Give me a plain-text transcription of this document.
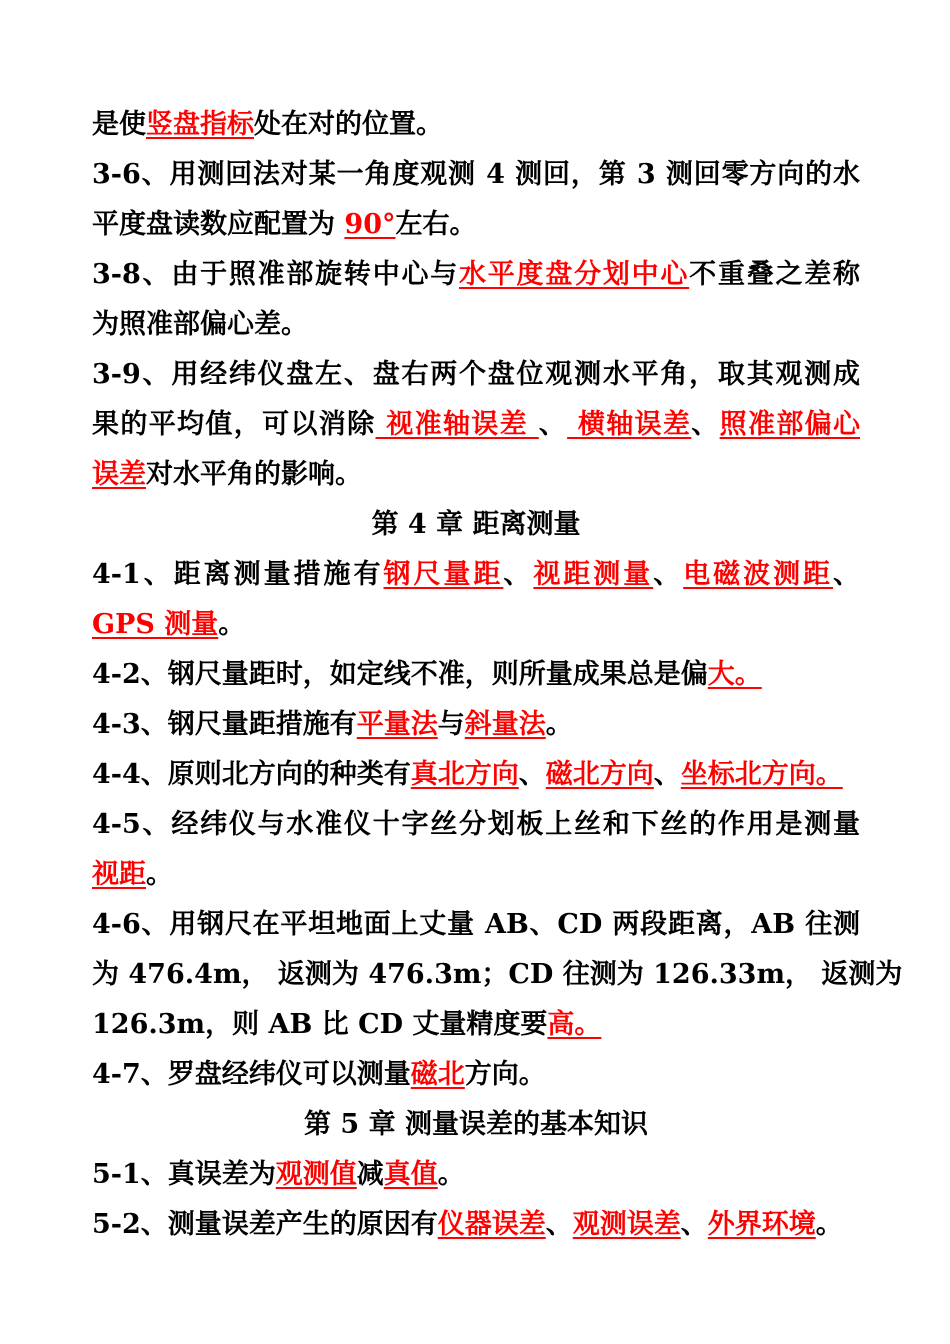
是使竖盘指标处在对的位置。
3-6、用测回法对某一角度观测 4 测回，第 3 测回零方向的水
平度盘读数应配置为 90°左右。
3-8、由于照准部旋转中心与水平度盘分划中心不重叠之差称
为照准部偏心差。
3-9、用经纬仪盘左、盘右两个盘位观测水平角，取其观测成
果的平均值，可以消除 视准轴误差 、 横轴误差、照准部偏心
误差对水平角的影响。
第 4 章 距离测量
4-1、距离测量措施有钢尺量距、视距测量、电磁波测距、
GPS 测量。
4-2、钢尺量距时，如定线不准，则所量成果总是偏大。
4-3、钢尺量距措施有平量法与斜量法。
4-4、原则北方向的种类有真北方向、磁北方向、坐标北方向。
4-5、经纬仪与水准仪十字丝分划板上丝和下丝的作用是测量
视距。
4-6、用钢尺在平坦地面上丈量 AB、CD 两段距离，AB 往测
为 476.4m， 返测为 476.3m；CD 往测为 126.33m， 返测为
126.3m，则 AB 比 CD 丈量精度要高。
4-7、罗盘经纬仪可以测量磁北方向。
第 5 章 测量误差的基本知识
5-1、真误差为观测值减真值。
5-2、测量误差产生的原因有仪器误差、观测误差、外界环境。
